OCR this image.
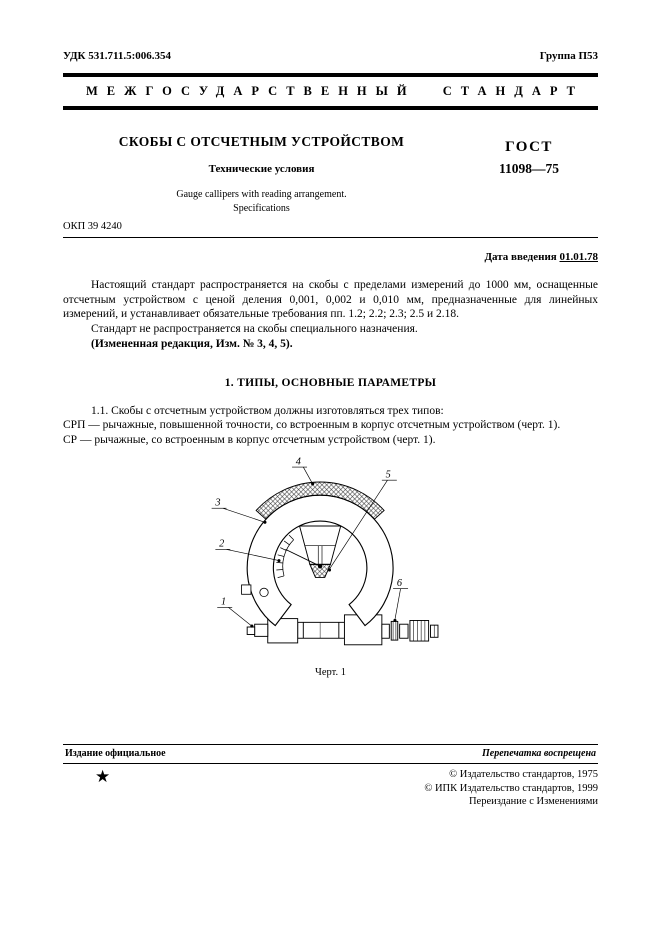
УДК 531.711.5:006.354	Группа П53
МЕЖГОСУДАРСТВЕННЫЙ СТАНДАРТ
СКОБЫ С ОТСЧЕТНЫМ УСТРОЙСТВОМ
Технические условия
Gauge callipers with reading arrangement.
Specifications
ГОСТ
11098—75
ОКП 39 4240
Дата введения 01.01.78

Настоящий стандарт распространяется на скобы с пределами измерений до 1000 мм, оснащенные отсчетным устройством с ценой деления 0,001, 0,002 и 0,010 мм, предназначенные для линейных измерений, и устанавливает обязательные требования пп. 1.2; 2.2; 2.3; 2.5 и 2.18.

Стандарт не распространяется на скобы специального назначения.

(Измененная редакция, Изм. № 3, 4, 5).

1. ТИПЫ, ОСНОВНЫЕ ПАРАМЕТРЫ

1.1. Скобы с отсчетным устройством должны изготовляться трех типов:

СРП — рычажные, повышенной точности, со встроенным в корпус отсчетным устройством (черт. 1).

СР — рычажные, со встроенным в корпус отсчетным устройством (черт. 1).

1
2
3
4
5
6
Черт. 1
Издание официальное	Перепечатка воспрещена
★	© Издательство стандартов, 1975
© ИПК Издательство стандартов, 1999
Переиздание с Изменениями
